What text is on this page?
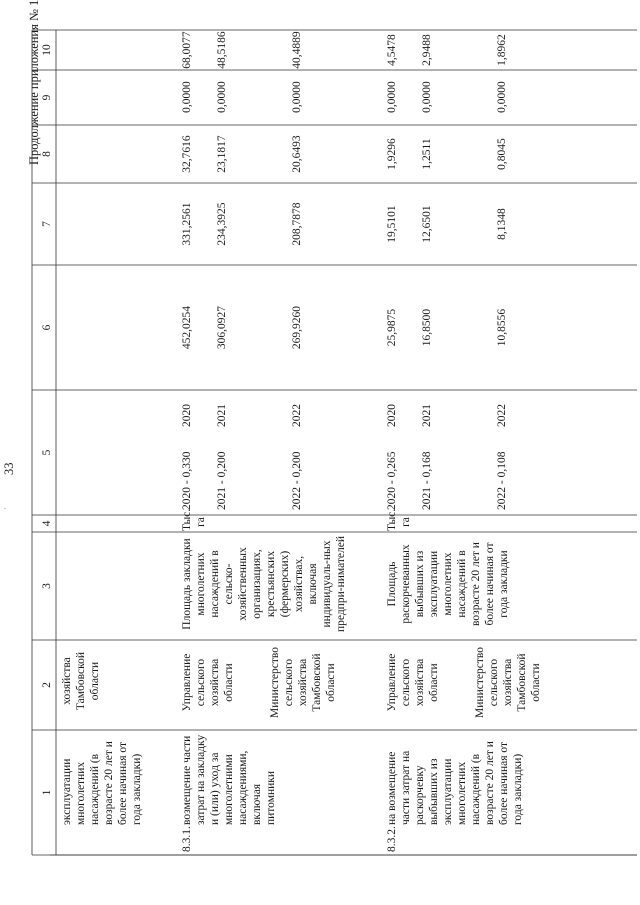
33
Продолжение приложения № 1
1
2
3
4
5
6
7
8
9
10
эксплуатации многолетних насаждений (в возрасте 20 лет и более начиная от года закладки)
хозяйства Тамбовской области
8.3.1.
возмещение части затрат на закладку и (или) уход за многолетними насаждениями, включая питомники
Управление сельского хозяйства области	Министерство сельского хозяйства Тамбовской области
Площадь закладки многолетних насаждений в сельско-хозяйственных организациях, крестьянских (фермерских) хозяйствах, включая индивидуаль-ных предпри-нимателей
Тыс. га
2020 - 0,330
2020
452,0254
331,2561
32,7616
0,0000
68,0077
2021 - 0,200
2021
306,0927
234,3925
23,1817
0,0000
48,5186
2022 - 0,200
2022
269,9260
208,7878
20,6493
0,0000
40,4889
8.3.2.
на возмещение части затрат на раскорчевку выбывших из эксплуатации многолетних насаждений (в возрасте 20 лет и более начиная от года закладки)
Управление сельского хозяйства области	Министерство сельского хозяйства Тамбовской области
Площадь раскорчеванных выбывших из эксплуатации многолетних насаждений в возрасте 20 лет и более начиная от года закладки
Тыс. га
2020 - 0,265
2020
25,9875
19,5101
1,9296
0,0000
4,5478
2021 - 0,168
2021
16,8500
12,6501
1,2511
0,0000
2,9488
2022 - 0,108
2022
10,8556
8,1348
0,8045
0,0000
1,8962
·
